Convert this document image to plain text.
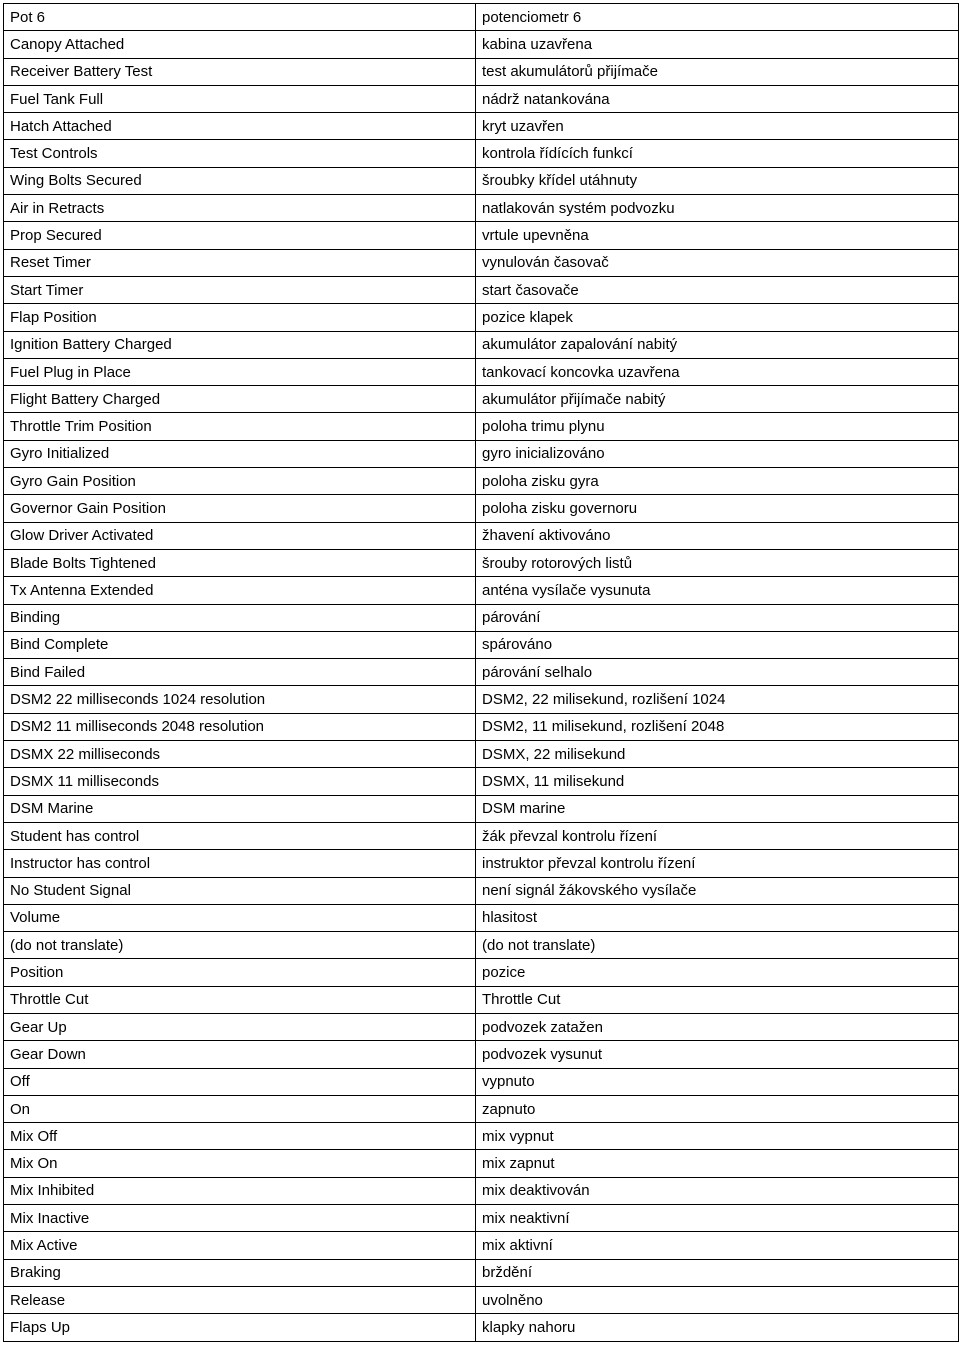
Pot 6	potenciometr 6
Canopy Attached	kabina uzavřena
Receiver Battery Test	test akumulátorů přijímače
Fuel Tank Full	nádrž natankována
Hatch Attached	kryt uzavřen
Test Controls	kontrola řídících funkcí
Wing Bolts Secured	šroubky křídel utáhnuty
Air in Retracts	natlakován systém podvozku
Prop Secured	vrtule upevněna
Reset Timer	vynulován časovač
Start Timer	start časovače
Flap Position	pozice klapek
Ignition Battery Charged	akumulátor zapalování nabitý
Fuel Plug in Place	tankovací koncovka uzavřena
Flight Battery Charged	akumulátor přijímače nabitý
Throttle Trim Position	poloha trimu plynu
Gyro Initialized	gyro inicializováno
Gyro Gain Position	poloha zisku gyra
Governor Gain Position	poloha zisku governoru
Glow Driver Activated	žhavení aktivováno
Blade Bolts Tightened	šrouby rotorových listů
Tx Antenna Extended	anténa vysílače vysunuta
Binding	párování
Bind Complete	spárováno
Bind Failed	párování selhalo
DSM2 22 milliseconds 1024 resolution	DSM2, 22 milisekund, rozlišení 1024
DSM2 11 milliseconds 2048 resolution	DSM2, 11 milisekund, rozlišení 2048
DSMX 22 milliseconds	DSMX, 22 milisekund
DSMX 11 milliseconds	DSMX, 11 milisekund
DSM Marine	DSM marine
Student has control	žák převzal kontrolu řízení
Instructor has control	instruktor převzal kontrolu řízení
No Student Signal	není signál žákovského vysílače
Volume	hlasitost
(do not translate)	(do not translate)
Position	pozice
Throttle Cut	Throttle Cut
Gear Up	podvozek zatažen
Gear Down	podvozek vysunut
Off	vypnuto
On	zapnuto
Mix Off	mix vypnut
Mix On	mix zapnut
Mix Inhibited	mix deaktivován
Mix Inactive	mix neaktivní
Mix Active	mix aktivní
Braking	brždění
Release	uvolněno
Flaps Up	klapky nahoru
